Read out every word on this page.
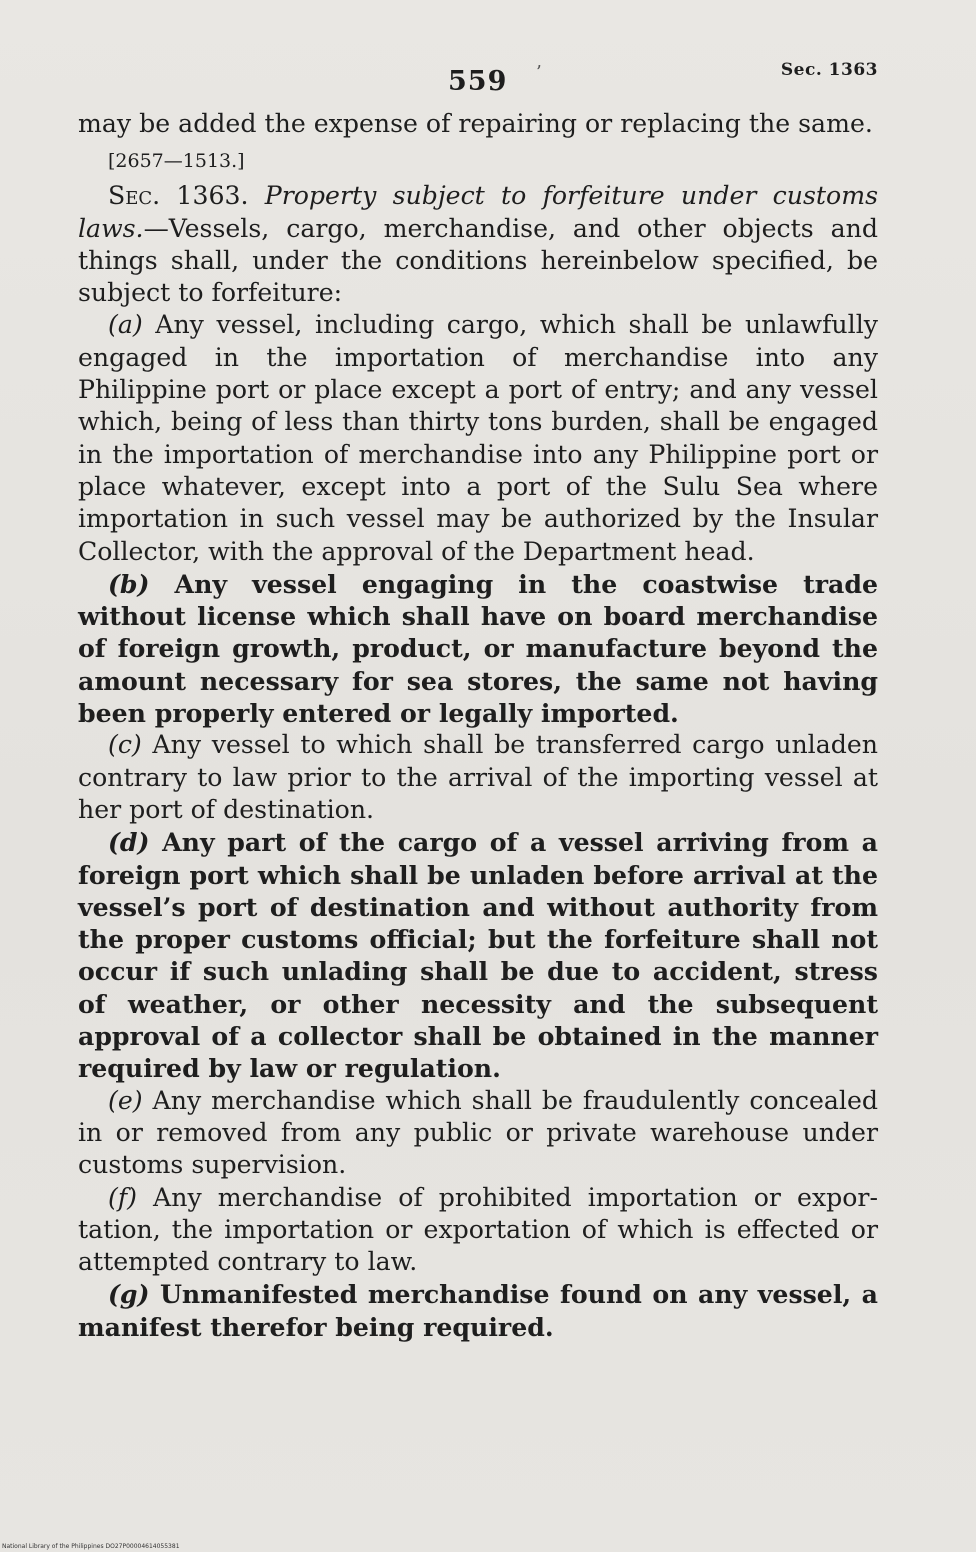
559 ’	Sec. 1363

may be added the expense of repairing or replacing the same.

[2657—1513.]

Sec. 1363. Property subject to forfeiture under customs laws.—Vessels, cargo, merchandise, and other objects and things shall, under the conditions hereinbelow specified, be subject to forfeiture:

(a) Any vessel, including cargo, which shall be unlawfully engaged in the importation of merchandise into any Philippine port or place except a port of entry; and any vessel which, being of less than thirty tons burden, shall be engaged in the importation of merchandise into any Philippine port or place whatever, except into a port of the Sulu Sea where importation in such vessel may be authorized by the Insular Collector, with the approval of the Department head.

(b) Any vessel engaging in the coastwise trade without license which shall have on board merchandise of foreign growth, product, or manufacture beyond the amount necessary for sea stores, the same not having been properly entered or legally imported.

(c) Any vessel to which shall be transferred cargo unladen contrary to law prior to the arrival of the importing vessel at her port of destination.

(d) Any part of the cargo of a vessel arriving from a foreign port which shall be unladen before arrival at the vessel’s port of destination and without authority from the proper customs official; but the forfeiture shall not occur if such unlading shall be due to accident, stress of weather, or other necessity and the subsequent approval of a collector shall be obtained in the manner required by law or regulation.

(e) Any merchandise which shall be fraudulently concealed in or removed from any public or private warehouse under customs supervision.

(f) Any merchandise of prohibited importation or exportation, the importation or exportation of which is effected or attempted contrary to law.

(g) Unmanifested merchandise found on any vessel, a manifest therefor being required.

National Library of the Philippines DO27P00004614055381
